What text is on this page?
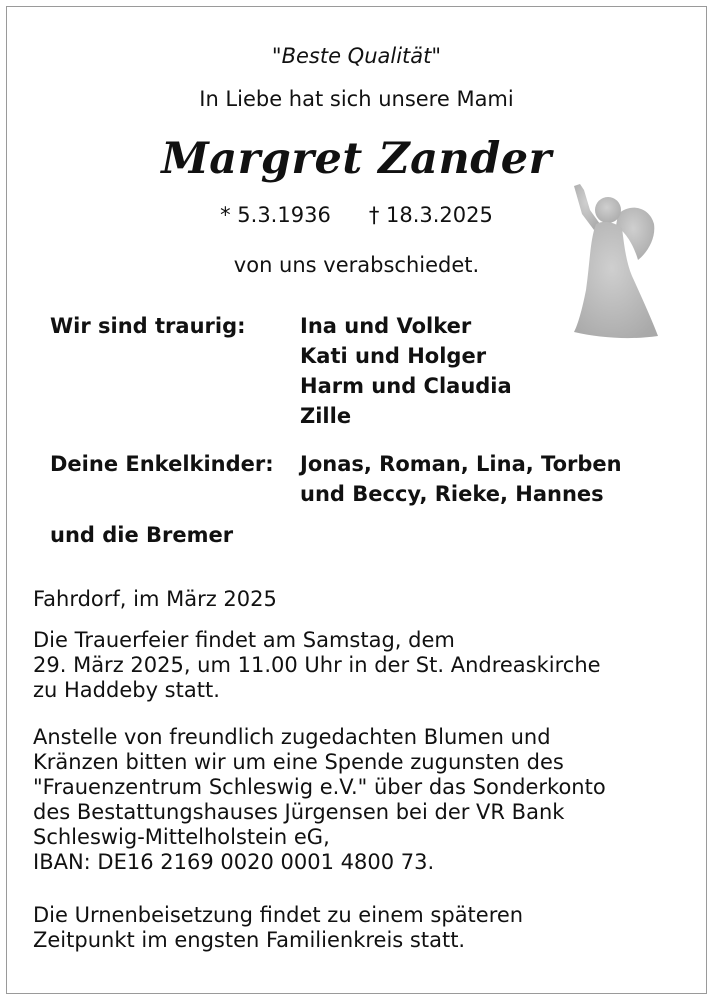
"Beste Qualität"
In Liebe hat sich unsere Mami
Margret Zander
* 5.3.1936 † 18.3.2025
von uns verabschiedet.
Wir sind traurig:	Ina und Volker
Kati und Holger
Harm und Claudia
Zille
Deine Enkelkinder: Jonas, Roman, Lina, Torben
und Beccy, Rieke, Hannes
und die Bremer

Fahrdorf, im März 2025

Die Trauerfeier findet am Samstag, dem

29. März 2025, um 11.00 Uhr in der St. Andreaskirche

zu Haddeby statt.

Anstelle von freundlich zugedachten Blumen und

Kränzen bitten wir um eine Spende zugunsten des

"Frauenzentrum Schleswig e.V." über das Sonderkonto

des Bestattungshauses Jürgensen bei der VR Bank

Schleswig-Mittelholstein eG,

IBAN: DE16 2169 0020 0001 4800 73.

Die Urnenbeisetzung findet zu einem späteren

Zeitpunkt im engsten Familienkreis statt.
